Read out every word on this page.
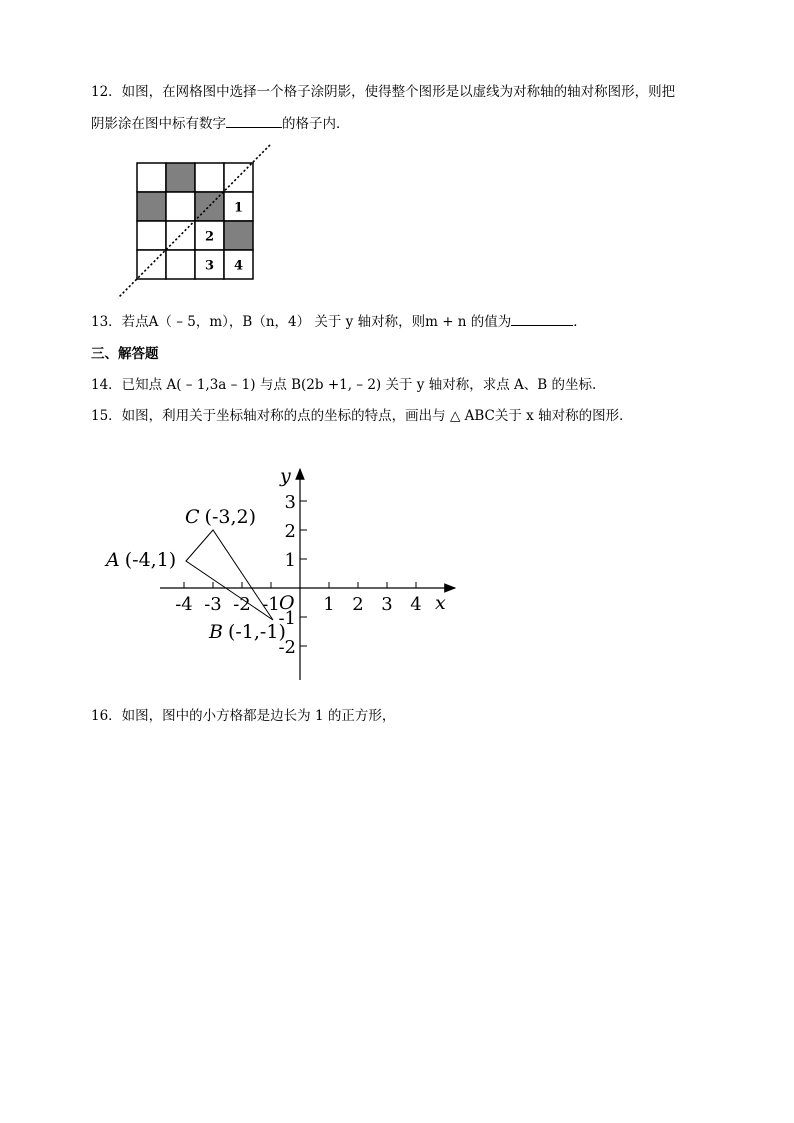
12．如图，在网格图中选择一个格子涂阴影，使得整个图形是以虚线为对称轴的轴对称图形，则把
阴影涂在图中标有数字	的格子内．
1
2
3 4
13．若点A（ – 5，m），B（n，4） 关于 y 轴对称，则m + n 的值为	．
三、解答题
14．已知点 A( – 1,3a – 1) 与点 B(2b +1, – 2) 关于 y 轴对称，求点 A、B 的坐标.
15．如图，利用关于坐标轴对称的点的坐标的特点，画出与 △ ABC关于 x 轴对称的图形．
-4 -3 -2 -1 1 2 3 4
3
2
1
-1
-2
A (-4,1)
C (-3,2)
B (-1,-1)
y
x
O
16．如图，图中的小方格都是边长为 1 的正方形，
